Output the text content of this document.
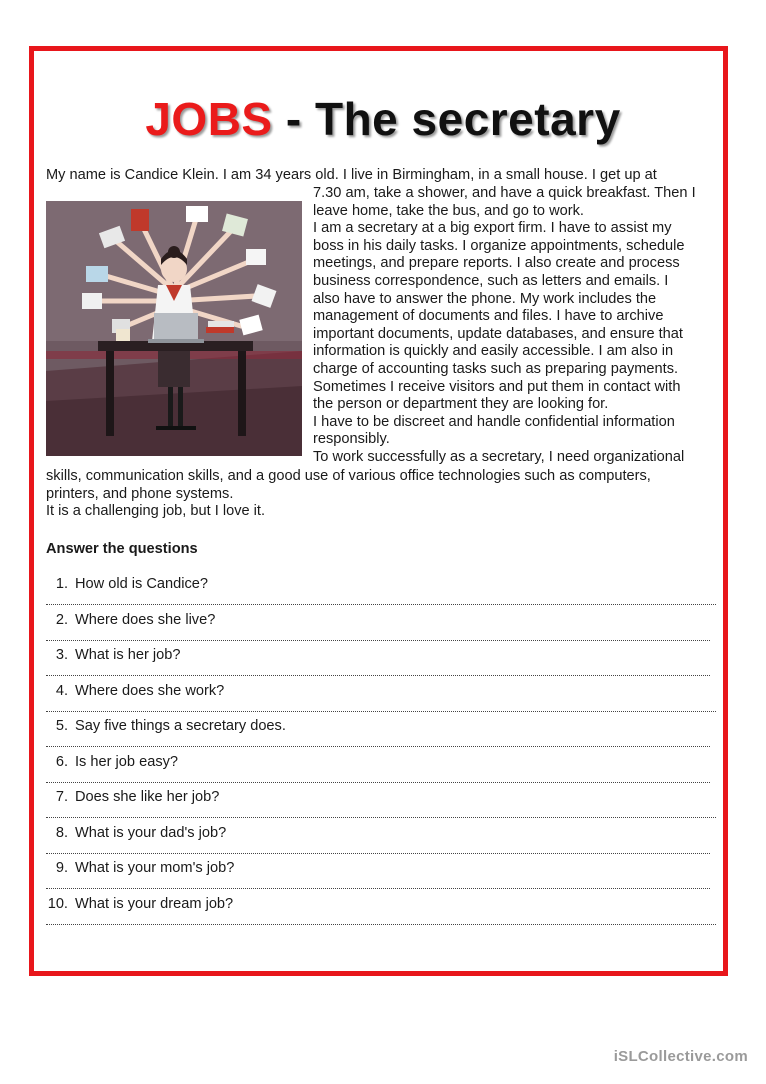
JOBS - The secretary
My name is Candice Klein. I am 34 years old. I live in Birmingham, in a small house. I get up at
7.30 am, take a shower, and have a quick breakfast. Then I
leave home, take the bus, and go to work.
I am a secretary at a big export firm. I have to assist my
boss in his daily tasks. I organize appointments, schedule
meetings, and prepare reports. I also create and process
business correspondence, such as letters and emails. I
also have to answer the phone. My work includes the
management of documents and files. I have to archive
important documents, update databases, and ensure that
information is quickly and easily accessible. I am also in
charge of accounting tasks such as preparing payments.
Sometimes I receive visitors and put them in contact with
the person or department they are looking for.
I have to be discreet and handle confidential information
responsibly.
To work successfully as a secretary, I need organizational
skills, communication skills, and a good use of various office technologies such as computers,
printers, and phone systems.
It is a challenging job, but I love it.
Answer the questions
1. How old is Candice?
2. Where does she live?
3. What is her job?
4. Where does she work?
5. Say five things a secretary does.
6. Is her job easy?
7. Does she like her job?
8. What is your dad's job?
9. What is your mom's job?
10. What is your dream job?
iSLCollective.com
